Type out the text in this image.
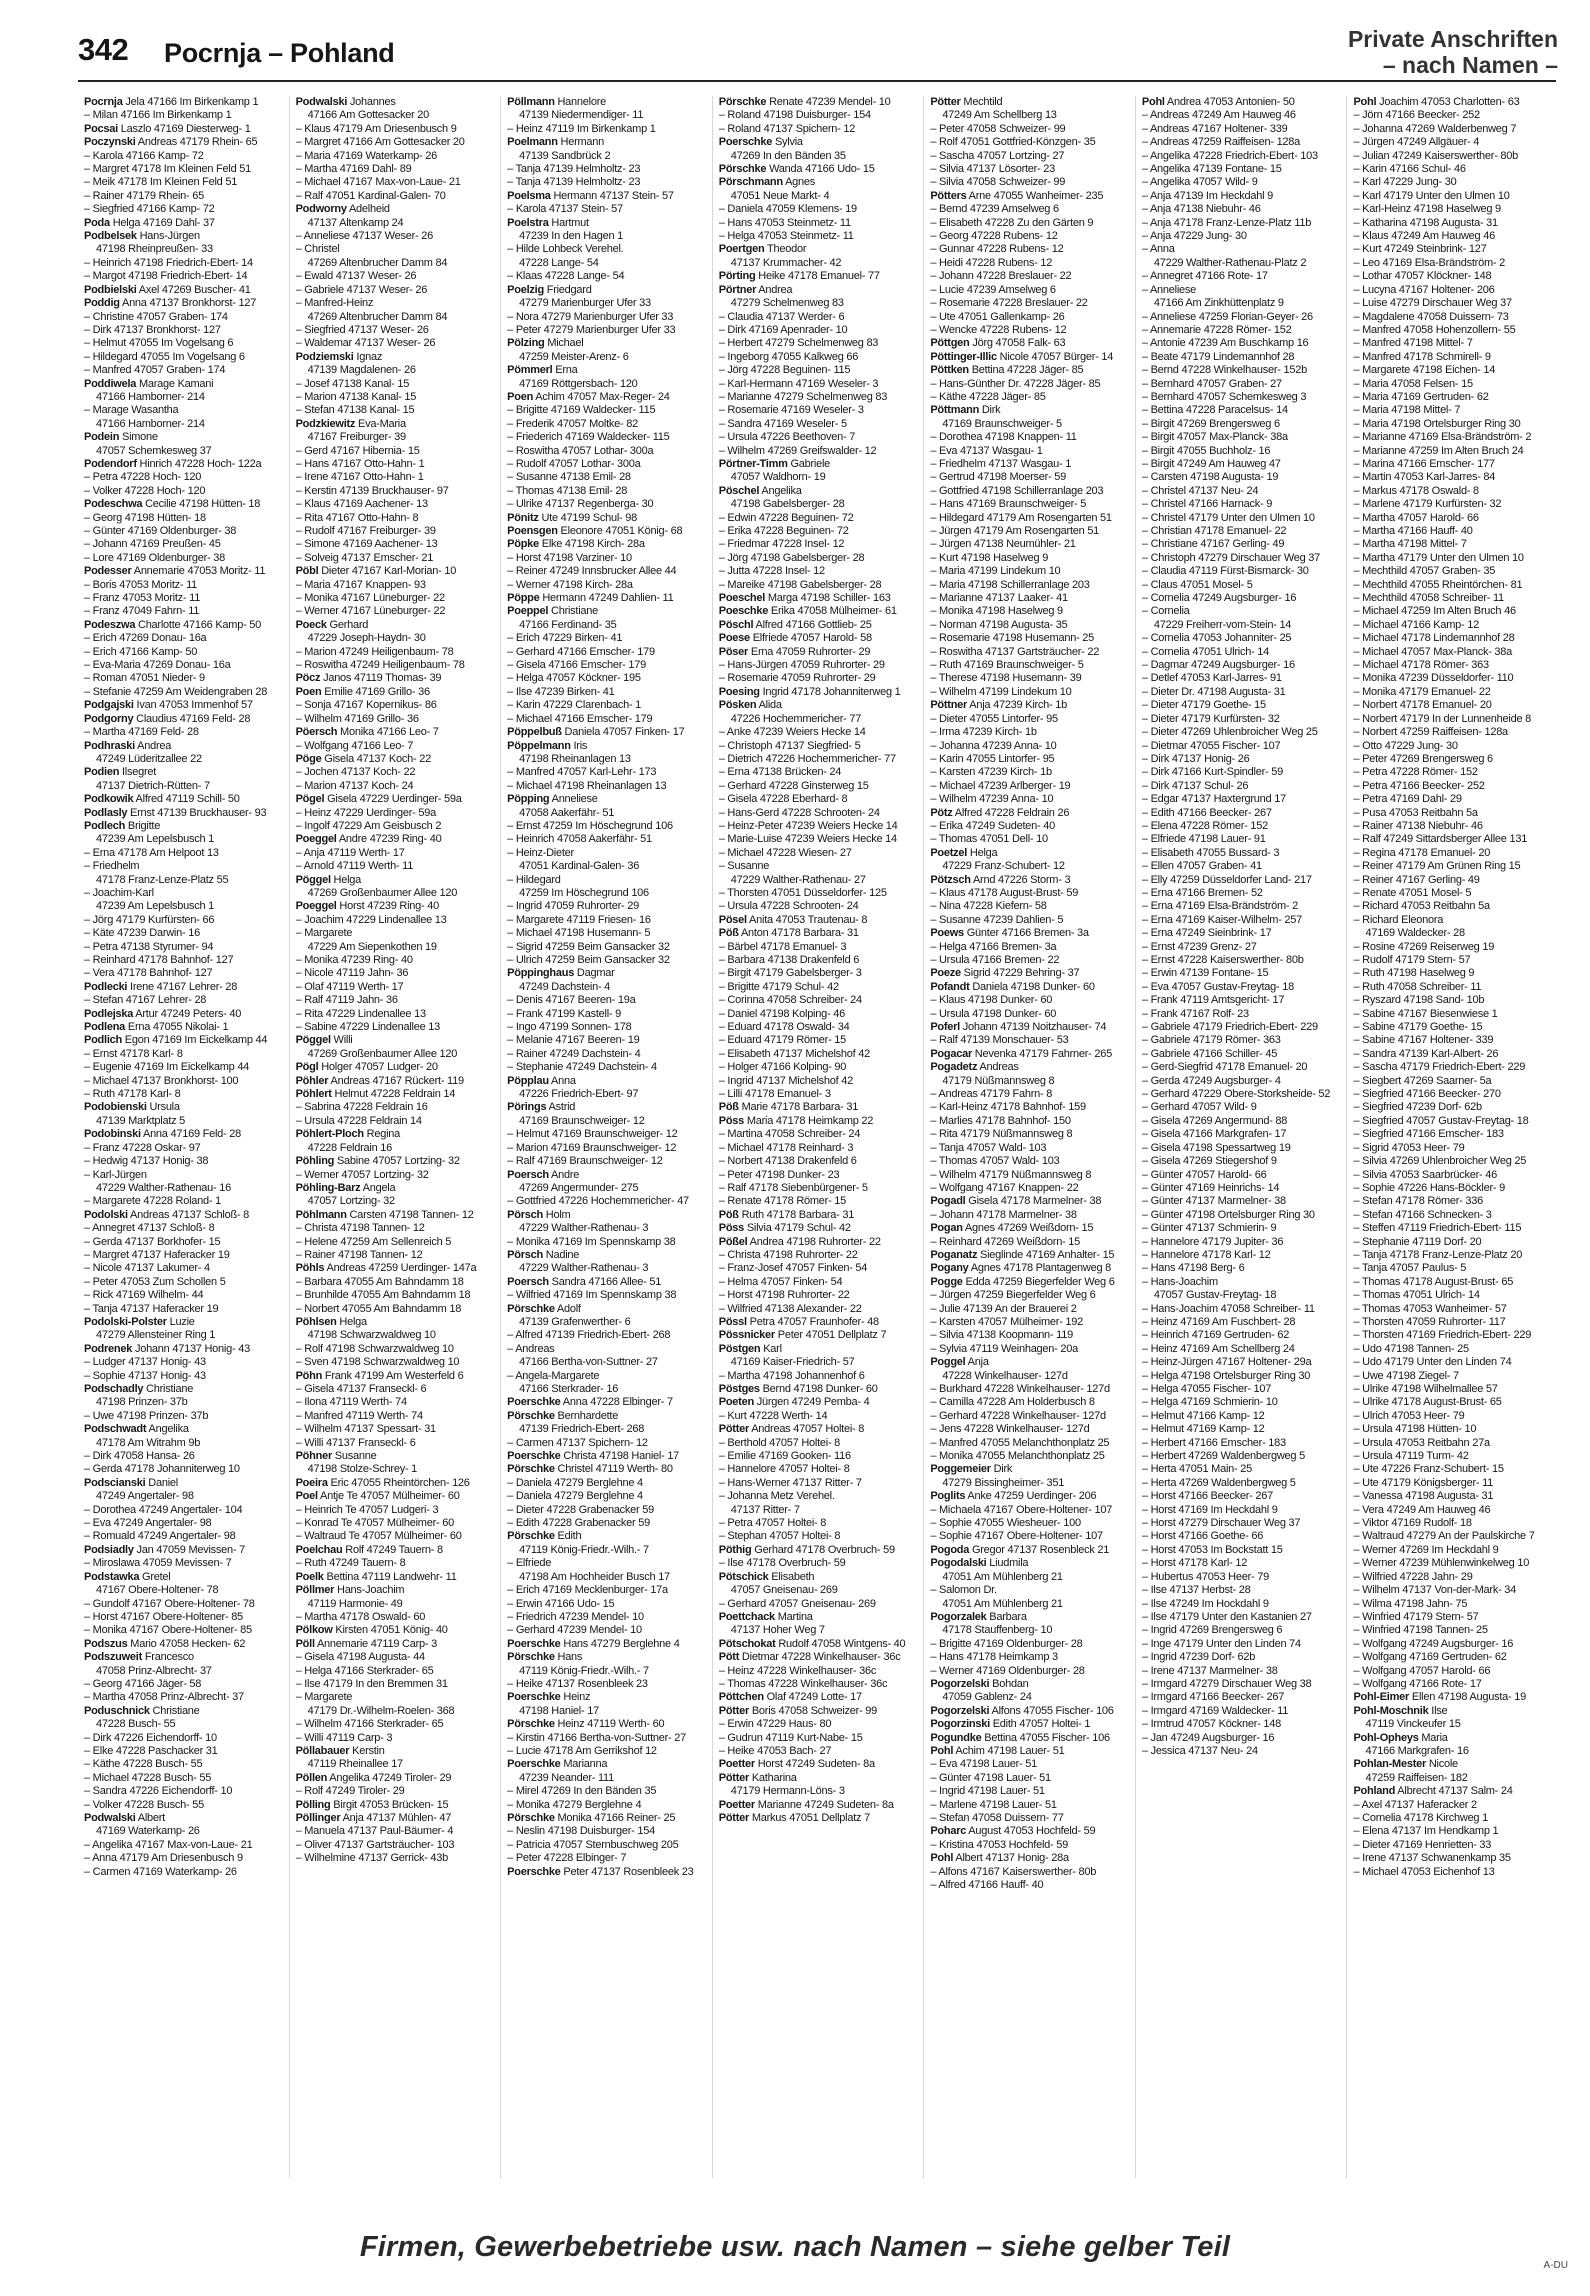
342 Pocrnja – Pohland	Private Anschriften
– nach Namen –
Pocrnja Jela 47166 Im Birkenkamp 1
– Milan 47166 Im Birkenkamp 1
Pocsai Laszlo 47169 Diesterweg- 1
Poczynski Andreas 47179 Rhein- 65
– Karola 47166 Kamp- 72
– Margret 47178 Im Kleinen Feld 51
– Meik 47178 Im Kleinen Feld 51
– Rainer 47179 Rhein- 65
– Siegfried 47166 Kamp- 72
Poda Helga 47169 Dahl- 37
Podbelsek Hans-Jürgen
47198 Rheinpreußen- 33
– Heinrich 47198 Friedrich-Ebert- 14
– Margot 47198 Friedrich-Ebert- 14
Podbielski Axel 47269 Buscher- 41
Poddig Anna 47137 Bronkhorst- 127
– Christine 47057 Graben- 174
– Dirk 47137 Bronkhorst- 127
– Helmut 47055 Im Vogelsang 6
– Hildegard 47055 Im Vogelsang 6
– Manfred 47057 Graben- 174
Poddiwela Marage Kamani
47166 Hamborner- 214
– Marage Wasantha
47166 Hamborner- 214
Podein Simone
47057 Schemkesweg 37
Podendorf Hinrich 47228 Hoch- 122a
– Petra 47228 Hoch- 120
– Volker 47228 Hoch- 120
Podeschwa Cecilie 47198 Hütten- 18
– Georg 47198 Hütten- 18
– Günter 47169 Oldenburger- 38
– Johann 47169 Preußen- 45
– Lore 47169 Oldenburger- 38
Podesser Annemarie 47053 Moritz- 11
– Boris 47053 Moritz- 11
– Franz 47053 Moritz- 11
– Franz 47049 Fahrn- 11
Podeszwa Charlotte 47166 Kamp- 50
– Erich 47269 Donau- 16a
– Erich 47166 Kamp- 50
– Eva-Maria 47269 Donau- 16a
– Roman 47051 Nieder- 9
– Stefanie 47259 Am Weidengraben 28
Podgajski Ivan 47053 Immenhof 57
Podgorny Claudius 47169 Feld- 28
– Martha 47169 Feld- 28
Podhraski Andrea
47249 Lüderitzallee 22
Podien Ilsegret
47137 Dietrich-Rütten- 7
Podkowik Alfred 47119 Schill- 50
Podlasly Ernst 47139 Bruckhauser- 93
Podlech Brigitte
47239 Am Lepelsbusch 1
– Erna 47178 Am Helpoot 13
– Friedhelm
47178 Franz-Lenze-Platz 55
– Joachim-Karl
47239 Am Lepelsbusch 1
– Jörg 47179 Kurfürsten- 66
– Käte 47239 Darwin- 16
– Petra 47138 Styrumer- 94
– Reinhard 47178 Bahnhof- 127
– Vera 47178 Bahnhof- 127
Podlecki Irene 47167 Lehrer- 28
– Stefan 47167 Lehrer- 28
Podlejska Artur 47249 Peters- 40
Podlena Erna 47055 Nikolai- 1
Podlich Egon 47169 Im Eickelkamp 44
– Ernst 47178 Karl- 8
– Eugenie 47169 Im Eickelkamp 44
– Michael 47137 Bronkhorst- 100
– Ruth 47178 Karl- 8
Podobienski Ursula
47139 Marktplatz 5
Podobinski Anna 47169 Feld- 28
– Franz 47228 Oskar- 97
– Hedwig 47137 Honig- 38
– Karl-Jürgen
47229 Walther-Rathenau- 16
– Margarete 47228 Roland- 1
Podolski Andreas 47137 Schloß- 8
– Annegret 47137 Schloß- 8
– Gerda 47137 Borkhofer- 15
– Margret 47137 Haferacker 19
– Nicole 47137 Lakumer- 4
– Peter 47053 Zum Schollen 5
– Rick 47169 Wilhelm- 44
– Tanja 47137 Haferacker 19
Podolski-Polster Luzie
47279 Allensteiner Ring 1
Podrenek Johann 47137 Honig- 43
– Ludger 47137 Honig- 43
– Sophie 47137 Honig- 43
Podschadly Christiane
47198 Prinzen- 37b
– Uwe 47198 Prinzen- 37b
Podschwadt Angelika
47178 Am Witrahm 9b
– Dirk 47058 Hansa- 26
– Gerda 47178 Johanniterweg 10
Podscianski Daniel
47249 Angertaler- 98
– Dorothea 47249 Angertaler- 104
– Eva 47249 Angertaler- 98
– Romuald 47249 Angertaler- 98
Podsiadly Jan 47059 Mevissen- 7
– Miroslawa 47059 Mevissen- 7
Podstawka Gretel
47167 Obere-Holtener- 78
– Gundolf 47167 Obere-Holtener- 78
– Horst 47167 Obere-Holtener- 85
– Monika 47167 Obere-Holtener- 85
Podszus Mario 47058 Hecken- 62
Podszuweit Francesco
47058 Prinz-Albrecht- 37
– Georg 47166 Jäger- 58
– Martha 47058 Prinz-Albrecht- 37
Poduschnick Christiane
47228 Busch- 55
– Dirk 47226 Eichendorff- 10
– Elke 47228 Paschacker 31
– Käthe 47228 Busch- 55
– Michael 47228 Busch- 55
– Sandra 47226 Eichendorff- 10
– Volker 47228 Busch- 55
Podwalski Albert
47169 Waterkamp- 26
– Angelika 47167 Max-von-Laue- 21
– Anna 47179 Am Driesenbusch 9
– Carmen 47169 Waterkamp- 26
Podwalski Johannes
47166 Am Gottesacker 20
– Klaus 47179 Am Driesenbusch 9
– Margret 47166 Am Gottesacker 20
– Maria 47169 Waterkamp- 26
– Martha 47169 Dahl- 89
– Michael 47167 Max-von-Laue- 21
– Ralf 47051 Kardinal-Galen- 70
Podworny Adelheid
47137 Altenkamp 24
– Anneliese 47137 Weser- 26
– Christel
47269 Altenbrucher Damm 84
– Ewald 47137 Weser- 26
– Gabriele 47137 Weser- 26
– Manfred-Heinz
47269 Altenbrucher Damm 84
– Siegfried 47137 Weser- 26
– Waldemar 47137 Weser- 26
Podziemski Ignaz
47139 Magdalenen- 26
– Josef 47138 Kanal- 15
– Marion 47138 Kanal- 15
– Stefan 47138 Kanal- 15
Podzkiewitz Eva-Maria
47167 Freiburger- 39
– Gerd 47167 Hibernia- 15
– Hans 47167 Otto-Hahn- 1
– Irene 47167 Otto-Hahn- 1
– Kerstin 47139 Bruckhauser- 97
– Klaus 47169 Aachener- 13
– Rita 47167 Otto-Hahn- 8
– Rudolf 47167 Freiburger- 39
– Simone 47169 Aachener- 13
– Solveig 47137 Emscher- 21
Pöbl Dieter 47167 Karl-Morian- 10
– Maria 47167 Knappen- 93
– Monika 47167 Lüneburger- 22
– Werner 47167 Lüneburger- 22
Poeck Gerhard
47229 Joseph-Haydn- 30
– Marion 47249 Heiligenbaum- 78
– Roswitha 47249 Heiligenbaum- 78
Pöcz Janos 47119 Thomas- 39
Poen Emilie 47169 Grillo- 36
– Sonja 47167 Kopernikus- 86
– Wilhelm 47169 Grillo- 36
Pöersch Monika 47166 Leo- 7
– Wolfgang 47166 Leo- 7
Pöge Gisela 47137 Koch- 22
– Jochen 47137 Koch- 22
– Marion 47137 Koch- 24
Pögel Gisela 47229 Uerdinger- 59a
– Heinz 47229 Uerdinger- 59a
– Ingolf 47229 Am Geisbusch 2
Poeggel Andre 47239 Ring- 40
– Anja 47119 Werth- 17
– Arnold 47119 Werth- 11
Pöggel Helga
47269 Großenbaumer Allee 120
Poeggel Horst 47239 Ring- 40
– Joachim 47229 Lindenallee 13
– Margarete
47229 Am Siepenkothen 19
– Monika 47239 Ring- 40
– Nicole 47119 Jahn- 36
– Olaf 47119 Werth- 17
– Ralf 47119 Jahn- 36
– Rita 47229 Lindenallee 13
– Sabine 47229 Lindenallee 13
Pöggel Willi
47269 Großenbaumer Allee 120
Pögl Holger 47057 Ludger- 20
Pöhler Andreas 47167 Rückert- 119
Pöhlert Helmut 47228 Feldrain 14
– Sabrina 47228 Feldrain 16
– Ursula 47228 Feldrain 14
Pöhlert-Ploch Regina
47228 Feldrain 16
Pöhling Sabine 47057 Lortzing- 32
– Werner 47057 Lortzing- 32
Pöhling-Barz Angela
47057 Lortzing- 32
Pöhlmann Carsten 47198 Tannen- 12
– Christa 47198 Tannen- 12
– Helene 47259 Am Sellenreich 5
– Rainer 47198 Tannen- 12
Pöhls Andreas 47259 Uerdinger- 147a
– Barbara 47055 Am Bahndamm 18
– Brunhilde 47055 Am Bahndamm 18
– Norbert 47055 Am Bahndamm 18
Pöhlsen Helga
47198 Schwarzwaldweg 10
– Rolf 47198 Schwarzwaldweg 10
– Sven 47198 Schwarzwaldweg 10
Pöhn Frank 47199 Am Westerfeld 6
– Gisela 47137 Franseckl- 6
– Ilona 47119 Werth- 74
– Manfred 47119 Werth- 74
– Wilhelm 47137 Spessart- 31
– Willi 47137 Franseckl- 6
Pöhner Susanne
47198 Stolze-Schrey- 1
Poeira Eric 47055 Rheintörchen- 126
Poel Antje Te 47057 Mülheimer- 60
– Heinrich Te 47057 Ludgeri- 3
– Konrad Te 47057 Mülheimer- 60
– Waltraud Te 47057 Mülheimer- 60
Poelchau Rolf 47249 Tauern- 8
– Ruth 47249 Tauern- 8
Poelk Bettina 47119 Landwehr- 11
Pöllmer Hans-Joachim
47119 Harmonie- 49
– Martha 47178 Oswald- 60
Pölkow Kirsten 47051 König- 40
Pöll Annemarie 47119 Carp- 3
– Gisela 47198 Augusta- 44
– Helga 47166 Sterkrader- 65
– Ilse 47179 In den Bremmen 31
– Margarete
47179 Dr.-Wilhelm-Roelen- 368
– Wilhelm 47166 Sterkrader- 65
– Willi 47119 Carp- 3
Pöllabauer Kerstin
47119 Rheinallee 17
Pöllen Angelika 47249 Tiroler- 29
– Rolf 47249 Tiroler- 29
Pölling Birgit 47053 Brücken- 15
Pöllinger Anja 47137 Mühlen- 47
– Manuela 47137 Paul-Bäumer- 4
– Oliver 47137 Gartsträucher- 103
– Wilhelmine 47137 Gerrick- 43b
Pöllmann Hannelore
47139 Niedermendiger- 11
– Heinz 47119 Im Birkenkamp 1
Poelmann Hermann
47139 Sandbrück 2
– Tanja 47139 Helmholtz- 23
– Tanja 47139 Helmholtz- 23
Poelsma Hermann 47137 Stein- 57
– Karola 47137 Stein- 57
Poelstra Hartmut
47239 In den Hagen 1
– Hilde Lohbeck Verehel.
47228 Lange- 54
– Klaas 47228 Lange- 54
Poelzig Friedgard
47279 Marienburger Ufer 33
– Nora 47279 Marienburger Ufer 33
– Peter 47279 Marienburger Ufer 33
Pölzing Michael
47259 Meister-Arenz- 6
Pömmerl Erna
47169 Röttgersbach- 120
Poen Achim 47057 Max-Reger- 24
– Brigitte 47169 Waldecker- 115
– Frederik 47057 Moltke- 82
– Friederich 47169 Waldecker- 115
– Roswitha 47057 Lothar- 300a
– Rudolf 47057 Lothar- 300a
– Susanne 47138 Emil- 28
– Thomas 47138 Emil- 28
– Ulrike 47137 Regenberga- 30
Pönitz Ute 47199 Schul- 98
Poensgen Eleonore 47051 König- 68
Pöpke Elke 47198 Kirch- 28a
– Horst 47198 Varziner- 10
– Reiner 47249 Innsbrucker Allee 44
– Werner 47198 Kirch- 28a
Pöppe Hermann 47249 Dahlien- 11
Poeppel Christiane
47166 Ferdinand- 35
– Erich 47229 Birken- 41
– Gerhard 47166 Emscher- 179
– Gisela 47166 Emscher- 179
– Helga 47057 Köckner- 195
– Ilse 47239 Birken- 41
– Karin 47229 Clarenbach- 1
– Michael 47166 Emscher- 179
Pöppelbuß Daniela 47057 Finken- 17
Pöppelmann Iris
47198 Rheinanlagen 13
– Manfred 47057 Karl-Lehr- 173
– Michael 47198 Rheinanlagen 13
Pöpping Anneliese
47058 Aakerfähr- 51
– Ernst 47259 Im Höschegrund 106
– Heinrich 47058 Aakerfähr- 51
– Heinz-Dieter
47051 Kardinal-Galen- 36
– Hildegard
47259 Im Höschegrund 106
– Ingrid 47059 Ruhrorter- 29
– Margarete 47119 Friesen- 16
– Michael 47198 Husemann- 5
– Sigrid 47259 Beim Gansacker 32
– Ulrich 47259 Beim Gansacker 32
Pöppinghaus Dagmar
47249 Dachstein- 4
– Denis 47167 Beeren- 19a
– Frank 47199 Kastell- 9
– Ingo 47199 Sonnen- 178
– Melanie 47167 Beeren- 19
– Rainer 47249 Dachstein- 4
– Stephanie 47249 Dachstein- 4
Pöpplau Anna
47226 Friedrich-Ebert- 97
Pörings Astrid
47169 Braunschweiger- 12
– Helmut 47169 Braunschweiger- 12
– Marion 47169 Braunschweiger- 12
– Ralf 47169 Braunschweiger- 12
Poersch Andre
47269 Angermunder- 275
– Gottfried 47226 Hochemmericher- 47
Pörsch Holm
47229 Walther-Rathenau- 3
– Monika 47169 Im Spennskamp 38
Pörsch Nadine
47229 Walther-Rathenau- 3
Poersch Sandra 47166 Allee- 51
– Wilfried 47169 Im Spennskamp 38
Pörschke Adolf
47139 Grafenwerther- 6
– Alfred 47139 Friedrich-Ebert- 268
– Andreas
47166 Bertha-von-Suttner- 27
– Angela-Margarete
47166 Sterkrader- 16
Poerschke Anna 47228 Elbinger- 7
Pörschke Bernhardette
47139 Friedrich-Ebert- 268
– Carmen 47137 Spichern- 12
Poerschke Christa 47198 Haniel- 17
Pörschke Christel 47119 Werth- 80
– Daniela 47279 Berglehne 4
– Daniela 47279 Berglehne 4
– Dieter 47228 Grabenacker 59
– Edith 47228 Grabenacker 59
Pörschke Edith
47119 König-Friedr.-Wilh.- 7
– Elfriede
47198 Am Hochheider Busch 17
– Erich 47169 Mecklenburger- 17a
– Erwin 47166 Udo- 15
– Friedrich 47239 Mendel- 10
– Gerhard 47239 Mendel- 10
Poerschke Hans 47279 Berglehne 4
Pörschke Hans
47119 König-Friedr.-Wilh.- 7
– Heike 47137 Rosenbleek 23
Poerschke Heinz
47198 Haniel- 17
Pörschke Heinz 47119 Werth- 60
– Kirstin 47166 Bertha-von-Suttner- 27
– Lucie 47178 Am Gerrikshof 12
Poerschke Marianna
47239 Neander- 111
– Mirel 47269 In den Bänden 35
– Monika 47279 Berglehne 4
Pörschke Monika 47166 Reiner- 25
– Neslin 47198 Duisburger- 154
– Patricia 47057 Sternbuschweg 205
– Peter 47228 Elbinger- 7
Poerschke Peter 47137 Rosenbleek 23
Pörschke Renate 47239 Mendel- 10
– Roland 47198 Duisburger- 154
– Roland 47137 Spichern- 12
Poerschke Sylvia
47269 In den Bänden 35
Pörschke Wanda 47166 Udo- 15
Pörschmann Agnes
47051 Neue Markt- 4
– Daniela 47059 Klemens- 19
– Hans 47053 Steinmetz- 11
– Helga 47053 Steinmetz- 11
Poertgen Theodor
47137 Krummacher- 42
Pörting Heike 47178 Emanuel- 77
Pörtner Andrea
47279 Schelmenweg 83
– Claudia 47137 Werder- 6
– Dirk 47169 Apenrader- 10
– Herbert 47279 Schelmenweg 83
– Ingeborg 47055 Kalkweg 66
– Jörg 47228 Beguinen- 115
– Karl-Hermann 47169 Weseler- 3
– Marianne 47279 Schelmenweg 83
– Rosemarie 47169 Weseler- 3
– Sandra 47169 Weseler- 5
– Ursula 47226 Beethoven- 7
– Wilhelm 47269 Greifswalder- 12
Pörtner-Timm Gabriele
47057 Waldhorn- 19
Pöschel Angelika
47198 Gabelsberger- 28
– Edwin 47228 Beguinen- 72
– Erika 47228 Beguinen- 72
– Friedmar 47228 Insel- 12
– Jörg 47198 Gabelsberger- 28
– Jutta 47228 Insel- 12
– Mareike 47198 Gabelsberger- 28
Poeschel Marga 47198 Schiller- 163
Poeschke Erika 47058 Mülheimer- 61
Pöschl Alfred 47166 Gottlieb- 25
Poese Elfriede 47057 Harold- 58
Pöser Erna 47059 Ruhrorter- 29
– Hans-Jürgen 47059 Ruhrorter- 29
– Rosemarie 47059 Ruhrorter- 29
Poesing Ingrid 47178 Johanniterweg 1
Pösken Alida
47226 Hochemmericher- 77
– Anke 47239 Weiers Hecke 14
– Christoph 47137 Siegfried- 5
– Dietrich 47226 Hochemmericher- 77
– Erna 47138 Brücken- 24
– Gerhard 47228 Ginsterweg 15
– Gisela 47228 Eberhard- 8
– Hans-Gerd 47228 Schrooten- 24
– Heinz-Peter 47239 Weiers Hecke 14
– Marie-Luise 47239 Weiers Hecke 14
– Michael 47228 Wiesen- 27
– Susanne
47229 Walther-Rathenau- 27
– Thorsten 47051 Düsseldorfer- 125
– Ursula 47228 Schrooten- 24
Pösel Anita 47053 Trautenau- 8
Pöß Anton 47178 Barbara- 31
– Bärbel 47178 Emanuel- 3
– Barbara 47138 Drakenfeld 6
– Birgit 47179 Gabelsberger- 3
– Brigitte 47179 Schul- 42
– Corinna 47058 Schreiber- 24
– Daniel 47198 Kolping- 46
– Eduard 47178 Oswald- 34
– Eduard 47179 Römer- 15
– Elisabeth 47137 Michelshof 42
– Holger 47166 Kolping- 90
– Ingrid 47137 Michelshof 42
– Lilli 47178 Emanuel- 3
Pöß Marie 47178 Barbara- 31
Pöss Maria 47178 Heimkamp 22
– Martina 47058 Schreiber- 24
– Michael 47178 Reinhard- 3
– Norbert 47138 Drakenfeld 6
– Peter 47198 Dunker- 23
– Ralf 47178 Siebenbürgener- 5
– Renate 47178 Römer- 15
Pöß Ruth 47178 Barbara- 31
Pöss Silvia 47179 Schul- 42
Pößel Andrea 47198 Ruhrorter- 22
– Christa 47198 Ruhrorter- 22
– Franz-Josef 47057 Finken- 54
– Helma 47057 Finken- 54
– Horst 47198 Ruhrorter- 22
– Wilfried 47138 Alexander- 22
Pössl Petra 47057 Fraunhofer- 48
Pössnicker Peter 47051 Dellplatz 7
Pöstgen Karl
47169 Kaiser-Friedrich- 57
– Martha 47198 Johannenhof 6
Pöstges Bernd 47198 Dunker- 60
Poeten Jürgen 47249 Pemba- 4
– Kurt 47228 Werth- 14
Pötter Andreas 47057 Holtei- 8
– Berthold 47057 Holtei- 8
– Emilie 47169 Gooken- 116
– Hannelore 47057 Holtei- 8
– Hans-Werner 47137 Ritter- 7
– Johanna Metz Verehel.
47137 Ritter- 7
– Petra 47057 Holtei- 8
– Stephan 47057 Holtei- 8
Pöthig Gerhard 47178 Overbruch- 59
– Ilse 47178 Overbruch- 59
Pötschick Elisabeth
47057 Gneisenau- 269
– Gerhard 47057 Gneisenau- 269
Poettchack Martina
47137 Hoher Weg 7
Pötschokat Rudolf 47058 Wintgens- 40
Pött Dietmar 47228 Winkelhauser- 36c
– Heinz 47228 Winkelhauser- 36c
– Thomas 47228 Winkelhauser- 36c
Pöttchen Olaf 47249 Lotte- 17
Pötter Boris 47058 Schweizer- 99
– Erwin 47229 Haus- 80
– Gudrun 47119 Kurt-Nabe- 15
– Heike 47053 Bach- 27
Poetter Horst 47249 Sudeten- 8a
Pötter Katharina
47179 Hermann-Löns- 3
Poetter Marianne 47249 Sudeten- 8a
Pötter Markus 47051 Dellplatz 7
Pötter Mechtild
47249 Am Schellberg 13
– Peter 47058 Schweizer- 99
– Rolf 47051 Gottfried-Könzgen- 35
– Sascha 47057 Lortzing- 27
– Silvia 47137 Lösorter- 23
– Silvia 47058 Schweizer- 99
Pötters Arne 47055 Wanheimer- 235
– Bernd 47239 Amselweg 6
– Elisabeth 47228 Zu den Gärten 9
– Georg 47228 Rubens- 12
– Gunnar 47228 Rubens- 12
– Heidi 47228 Rubens- 12
– Johann 47228 Breslauer- 22
– Lucie 47239 Amselweg 6
– Rosemarie 47228 Breslauer- 22
– Ute 47051 Gallenkamp- 26
– Wencke 47228 Rubens- 12
Pöttgen Jörg 47058 Falk- 63
Pöttinger-Illic Nicole 47057 Bürger- 14
Pöttken Bettina 47228 Jäger- 85
– Hans-Günther Dr. 47228 Jäger- 85
– Käthe 47228 Jäger- 85
Pöttmann Dirk
47169 Braunschweiger- 5
– Dorothea 47198 Knappen- 11
– Eva 47137 Wasgau- 1
– Friedhelm 47137 Wasgau- 1
– Gertrud 47198 Moerser- 59
– Gottfried 47198 Schillerranlage 203
– Hans 47169 Braunschweiger- 5
– Hildegard 47179 Am Rosengarten 51
– Jürgen 47179 Am Rosengarten 51
– Jürgen 47138 Neumühler- 21
– Kurt 47198 Haselweg 9
– Maria 47199 Lindekum 10
– Maria 47198 Schillerranlage 203
– Marianne 47137 Laaker- 41
– Monika 47198 Haselweg 9
– Norman 47198 Augusta- 35
– Rosemarie 47198 Husemann- 25
– Roswitha 47137 Gartsträucher- 22
– Ruth 47169 Braunschweiger- 5
– Therese 47198 Husemann- 39
– Wilhelm 47199 Lindekum 10
Pöttner Anja 47239 Kirch- 1b
– Dieter 47055 Lintorfer- 95
– Irma 47239 Kirch- 1b
– Johanna 47239 Anna- 10
– Karin 47055 Lintorfer- 95
– Karsten 47239 Kirch- 1b
– Michael 47239 Arlberger- 19
– Wilhelm 47239 Anna- 10
Pötz Alfred 47228 Feldrain 26
– Erika 47249 Sudeten- 40
– Thomas 47051 Dell- 10
Poetzel Helga
47229 Franz-Schubert- 12
Pötzsch Arnd 47226 Storm- 3
– Klaus 47178 August-Brust- 59
– Nina 47228 Kiefern- 58
– Susanne 47239 Dahlien- 5
Poews Günter 47166 Bremen- 3a
– Helga 47166 Bremen- 3a
– Ursula 47166 Bremen- 22
Poeze Sigrid 47229 Behring- 37
Pofandt Daniela 47198 Dunker- 60
– Klaus 47198 Dunker- 60
– Ursula 47198 Dunker- 60
Poferl Johann 47139 Noitzhauser- 74
– Ralf 47139 Monschauer- 53
Pogacar Nevenka 47179 Fahrner- 265
Pogadetz Andreas
47179 Nüßmannsweg 8
– Andreas 47179 Fahrn- 8
– Karl-Heinz 47178 Bahnhof- 159
– Marlies 47178 Bahnhof- 150
– Rita 47179 Nüßmannsweg 8
– Tanja 47057 Wald- 103
– Thomas 47057 Wald- 103
– Wilhelm 47179 Nüßmannsweg 8
– Wolfgang 47167 Knappen- 22
Pogadl Gisela 47178 Marmelner- 38
– Johann 47178 Marmelner- 38
Pogan Agnes 47269 Weißdorn- 15
– Reinhard 47269 Weißdorn- 15
Poganatz Sieglinde 47169 Anhalter- 15
Pogany Agnes 47178 Plantagenweg 8
Pogge Edda 47259 Biegerfelder Weg 6
– Jürgen 47259 Biegerfelder Weg 6
– Julie 47139 An der Brauerei 2
– Karsten 47057 Mülheimer- 192
– Silvia 47138 Koopmann- 119
– Sylvia 47119 Weinhagen- 20a
Poggel Anja
47228 Winkelhauser- 127d
– Burkhard 47228 Winkelhauser- 127d
– Camilla 47228 Am Holderbusch 8
– Gerhard 47228 Winkelhauser- 127d
– Jens 47228 Winkelhauser- 127d
– Manfred 47055 Melanchthonplatz 25
– Monika 47055 Melanchthonplatz 25
Poggemeier Dirk
47279 Bissingheimer- 351
Poglits Anke 47259 Uerdinger- 206
– Michaela 47167 Obere-Holtener- 107
– Sophie 47055 Wiesheuer- 100
– Sophie 47167 Obere-Holtener- 107
Pogoda Gregor 47137 Rosenbleck 21
Pogodalski Liudmila
47051 Am Mühlenberg 21
– Salomon Dr.
47051 Am Mühlenberg 21
Pogorzalek Barbara
47178 Stauffenberg- 10
– Brigitte 47169 Oldenburger- 28
– Hans 47178 Heimkamp 3
– Werner 47169 Oldenburger- 28
Pogorzelski Bohdan
47059 Gablenz- 24
Pogorzelski Alfons 47055 Fischer- 106
Pogorzinski Edith 47057 Holtei- 1
Pogundke Bettina 47055 Fischer- 106
Pohl Achim 47198 Lauer- 51
– Eva 47198 Lauer- 51
– Günter 47198 Lauer- 51
– Ingrid 47198 Lauer- 51
– Marlene 47198 Lauer- 51
– Stefan 47058 Duissern- 77
Poharc August 47053 Hochfeld- 59
– Kristina 47053 Hochfeld- 59
Pohl Albert 47137 Honig- 28a
– Alfons 47167 Kaiserswerther- 80b
– Alfred 47166 Hauff- 40
Pohl Andrea 47053 Antonien- 50
– Andreas 47249 Am Hauweg 46
– Andreas 47167 Holtener- 339
– Andreas 47259 Raiffeisen- 128a
– Angelika 47228 Friedrich-Ebert- 103
– Angelika 47139 Fontane- 15
– Angelika 47057 Wild- 9
– Anja 47139 Im Heckdahl 9
– Anja 47138 Niebuhr- 46
– Anja 47178 Franz-Lenze-Platz 11b
– Anja 47229 Jung- 30
– Anna
47229 Walther-Rathenau-Platz 2
– Annegret 47166 Rote- 17
– Anneliese
47166 Am Zinkhüttenplatz 9
– Anneliese 47259 Florian-Geyer- 26
– Annemarie 47228 Römer- 152
– Antonie 47239 Am Buschkamp 16
– Beate 47179 Lindemannhof 28
– Bernd 47228 Winkelhauser- 152b
– Bernhard 47057 Graben- 27
– Bernhard 47057 Schemkesweg 3
– Bettina 47228 Paracelsus- 14
– Birgit 47269 Brengersweg 6
– Birgit 47057 Max-Planck- 38a
– Birgit 47055 Buchholz- 16
– Birgit 47249 Am Hauweg 47
– Carsten 47198 Augusta- 19
– Christel 47137 Neu- 24
– Christel 47166 Harnack- 9
– Christel 47179 Unter den Ulmen 10
– Christian 47178 Emanuel- 22
– Christiane 47167 Gerling- 49
– Christoph 47279 Dirschauer Weg 37
– Claudia 47119 Fürst-Bismarck- 30
– Claus 47051 Mosel- 5
– Cornelia 47249 Augsburger- 16
– Cornelia
47229 Freiherr-vom-Stein- 14
– Cornelia 47053 Johanniter- 25
– Cornelia 47051 Ulrich- 14
– Dagmar 47249 Augsburger- 16
– Detlef 47053 Karl-Jarres- 91
– Dieter Dr. 47198 Augusta- 31
– Dieter 47179 Goethe- 15
– Dieter 47179 Kurfürsten- 32
– Dieter 47269 Uhlenbroicher Weg 25
– Dietmar 47055 Fischer- 107
– Dirk 47137 Honig- 26
– Dirk 47166 Kurt-Spindler- 59
– Dirk 47137 Schul- 26
– Edgar 47137 Haxtergrund 17
– Edith 47166 Beecker- 267
– Elena 47228 Römer- 152
– Elfriede 47198 Lauer- 91
– Elisabeth 47055 Bussard- 3
– Ellen 47057 Graben- 41
– Elly 47259 Düsseldorfer Land- 217
– Erna 47166 Bremen- 52
– Erna 47169 Elsa-Brändström- 2
– Erna 47169 Kaiser-Wilhelm- 257
– Erna 47249 Sieinbrink- 17
– Ernst 47239 Grenz- 27
– Ernst 47228 Kaiserswerther- 80b
– Erwin 47139 Fontane- 15
– Eva 47057 Gustav-Freytag- 18
– Frank 47119 Amtsgericht- 17
– Frank 47167 Rolf- 23
– Gabriele 47179 Friedrich-Ebert- 229
– Gabriele 47179 Römer- 363
– Gabriele 47166 Schiller- 45
– Gerd-Siegfrid 47178 Emanuel- 20
– Gerda 47249 Augsburger- 4
– Gerhard 47229 Obere-Storksheide- 52
– Gerhard 47057 Wild- 9
– Gisela 47269 Angermund- 88
– Gisela 47166 Markgrafen- 17
– Gisela 47198 Spessartweg 19
– Gisela 47269 Stiegershof 9
– Günter 47057 Harold- 66
– Günter 47169 Heinrichs- 14
– Günter 47137 Marmelner- 38
– Günter 47198 Ortelsburger Ring 30
– Günter 47137 Schmierin- 9
– Hannelore 47179 Jupiter- 36
– Hannelore 47178 Karl- 12
– Hans 47198 Berg- 6
– Hans-Joachim
47057 Gustav-Freytag- 18
– Hans-Joachim 47058 Schreiber- 11
– Heinz 47169 Am Fuschbert- 28
– Heinrich 47169 Gertruden- 62
– Heinz 47169 Am Schellberg 24
– Heinz-Jürgen 47167 Holtener- 29a
– Helga 47198 Ortelsburger Ring 30
– Helga 47055 Fischer- 107
– Helga 47169 Schmierin- 10
– Helmut 47166 Kamp- 12
– Helmut 47169 Kamp- 12
– Herbert 47166 Emscher- 183
– Herbert 47269 Waldenbergweg 5
– Herta 47051 Main- 25
– Herta 47269 Waldenbergweg 5
– Horst 47166 Beecker- 267
– Horst 47169 Im Heckdahl 9
– Horst 47279 Dirschauer Weg 37
– Horst 47166 Goethe- 66
– Horst 47053 Im Bockstatt 15
– Horst 47178 Karl- 12
– Hubertus 47053 Heer- 79
– Ilse 47137 Herbst- 28
– Ilse 47249 Im Hockdahl 9
– Ilse 47179 Unter den Kastanien 27
– Ingrid 47269 Brengersweg 6
– Inge 47179 Unter den Linden 74
– Ingrid 47239 Dorf- 62b
– Irene 47137 Marmelner- 38
– Irmgard 47279 Dirschauer Weg 38
– Irmgard 47166 Beecker- 267
– Irmgard 47169 Waldecker- 11
– Irmtrud 47057 Köckner- 148
– Jan 47249 Augsburger- 16
– Jessica 47137 Neu- 24
Pohl Joachim 47053 Charlotten- 63
– Jörn 47166 Beecker- 252
– Johanna 47269 Walderbenweg 7
– Jürgen 47249 Allgäuer- 4
– Julian 47249 Kaiserswerther- 80b
– Karin 47166 Schul- 46
– Karl 47229 Jung- 30
– Karl 47179 Unter den Ulmen 10
– Karl-Heinz 47198 Haselweg 9
– Katharina 47198 Augusta- 31
– Klaus 47249 Am Hauweg 46
– Kurt 47249 Steinbrink- 127
– Leo 47169 Elsa-Brändström- 2
– Lothar 47057 Klöckner- 148
– Lucyna 47167 Holtener- 206
– Luise 47279 Dirschauer Weg 37
– Magdalene 47058 Duissern- 73
– Manfred 47058 Hohenzollern- 55
– Manfred 47198 Mittel- 7
– Manfred 47178 Schmirell- 9
– Margarete 47198 Eichen- 14
– Maria 47058 Felsen- 15
– Maria 47169 Gertruden- 62
– Maria 47198 Mittel- 7
– Maria 47198 Ortelsburger Ring 30
– Marianne 47169 Elsa-Brändström- 2
– Marianne 47259 Im Alten Bruch 24
– Marina 47166 Emscher- 177
– Martin 47053 Karl-Jarres- 84
– Markus 47178 Oswald- 8
– Marlene 47179 Kurfürsten- 32
– Martha 47057 Harold- 66
– Martha 47166 Hauff- 40
– Martha 47198 Mittel- 7
– Martha 47179 Unter den Ulmen 10
– Mechthild 47057 Graben- 35
– Mechthild 47055 Rheintörchen- 81
– Mechthild 47058 Schreiber- 11
– Michael 47259 Im Alten Bruch 46
– Michael 47166 Kamp- 12
– Michael 47178 Lindemannhof 28
– Michael 47057 Max-Planck- 38a
– Michael 47178 Römer- 363
– Monika 47239 Düsseldorfer- 110
– Monika 47179 Emanuel- 22
– Norbert 47178 Emanuel- 20
– Norbert 47179 In der Lunnenheide 8
– Norbert 47259 Raiffeisen- 128a
– Otto 47229 Jung- 30
– Peter 47269 Brengersweg 6
– Petra 47228 Römer- 152
– Petra 47166 Beecker- 252
– Petra 47169 Dahl- 29
– Pusa 47053 Reitbahn 5a
– Rainer 47138 Niebuhr- 46
– Ralf 47249 Sittardsberger Allee 131
– Regina 47178 Emanuel- 20
– Reiner 47179 Am Grünen Ring 15
– Reiner 47167 Gerling- 49
– Renate 47051 Mosel- 5
– Richard 47053 Reitbahn 5a
– Richard Eleonora
47169 Waldecker- 28
– Rosine 47269 Reiserweg 19
– Rudolf 47179 Stern- 57
– Ruth 47198 Haselweg 9
– Ruth 47058 Schreiber- 11
– Ryszard 47198 Sand- 10b
– Sabine 47167 Biesenwiese 1
– Sabine 47179 Goethe- 15
– Sabine 47167 Holtener- 339
– Sandra 47139 Karl-Albert- 26
– Sascha 47179 Friedrich-Ebert- 229
– Siegbert 47269 Saarner- 5a
– Siegfried 47166 Beecker- 270
– Siegfried 47239 Dorf- 62b
– Siegfried 47057 Gustav-Freytag- 18
– Siegfried 47166 Emscher- 183
– Sigrid 47053 Heer- 79
– Silvia 47269 Uhlenbroicher Weg 25
– Silvia 47053 Saarbrücker- 46
– Sophie 47226 Hans-Böckler- 9
– Stefan 47178 Römer- 336
– Stefan 47166 Schnecken- 3
– Steffen 47119 Friedrich-Ebert- 115
– Stephanie 47119 Dorf- 20
– Tanja 47178 Franz-Lenze-Platz 20
– Tanja 47057 Paulus- 5
– Thomas 47178 August-Brust- 65
– Thomas 47051 Ulrich- 14
– Thomas 47053 Wanheimer- 57
– Thorsten 47059 Ruhrorter- 117
– Thorsten 47169 Friedrich-Ebert- 229
– Udo 47198 Tannen- 25
– Udo 47179 Unter den Linden 74
– Uwe 47198 Ziegel- 7
– Ulrike 47198 Wilhelmallee 57
– Ulrike 47178 August-Brust- 65
– Ulrich 47053 Heer- 79
– Ursula 47198 Hütten- 10
– Ursula 47053 Reitbahn 27a
– Ursula 47119 Turm- 42
– Ute 47226 Franz-Schubert- 15
– Ute 47179 Königsberger- 11
– Vanessa 47198 Augusta- 31
– Vera 47249 Am Hauweg 46
– Viktor 47169 Rudolf- 18
– Waltraud 47279 An der Paulskirche 7
– Werner 47269 Im Heckdahl 9
– Werner 47239 Mühlenwinkelweg 10
– Wilfried 47228 Jahn- 29
– Wilhelm 47137 Von-der-Mark- 34
– Wilma 47198 Jahn- 75
– Winfried 47179 Stern- 57
– Winfried 47198 Tannen- 25
– Wolfgang 47249 Augsburger- 16
– Wolfgang 47169 Gertruden- 62
– Wolfgang 47057 Harold- 66
– Wolfgang 47166 Rote- 17
Pohl-Eimer Ellen 47198 Augusta- 19
Pohl-Moschnik Ilse
47119 Vinckeufer 15
Pohl-Opheys Maria
47166 Markgrafen- 16
Pohlan-Mester Nicole
47259 Raiffeisen- 182
Pohland Albrecht 47137 Salm- 24
– Axel 47137 Haferacker 2
– Cornelia 47178 Kirchweg 1
– Elena 47137 Im Hendkamp 1
– Dieter 47169 Henrietten- 33
– Irene 47137 Schwanenkamp 35
– Michael 47053 Eichenhof 13
Firmen, Gewerbebetriebe usw. nach Namen – siehe gelber Teil
A-DU
